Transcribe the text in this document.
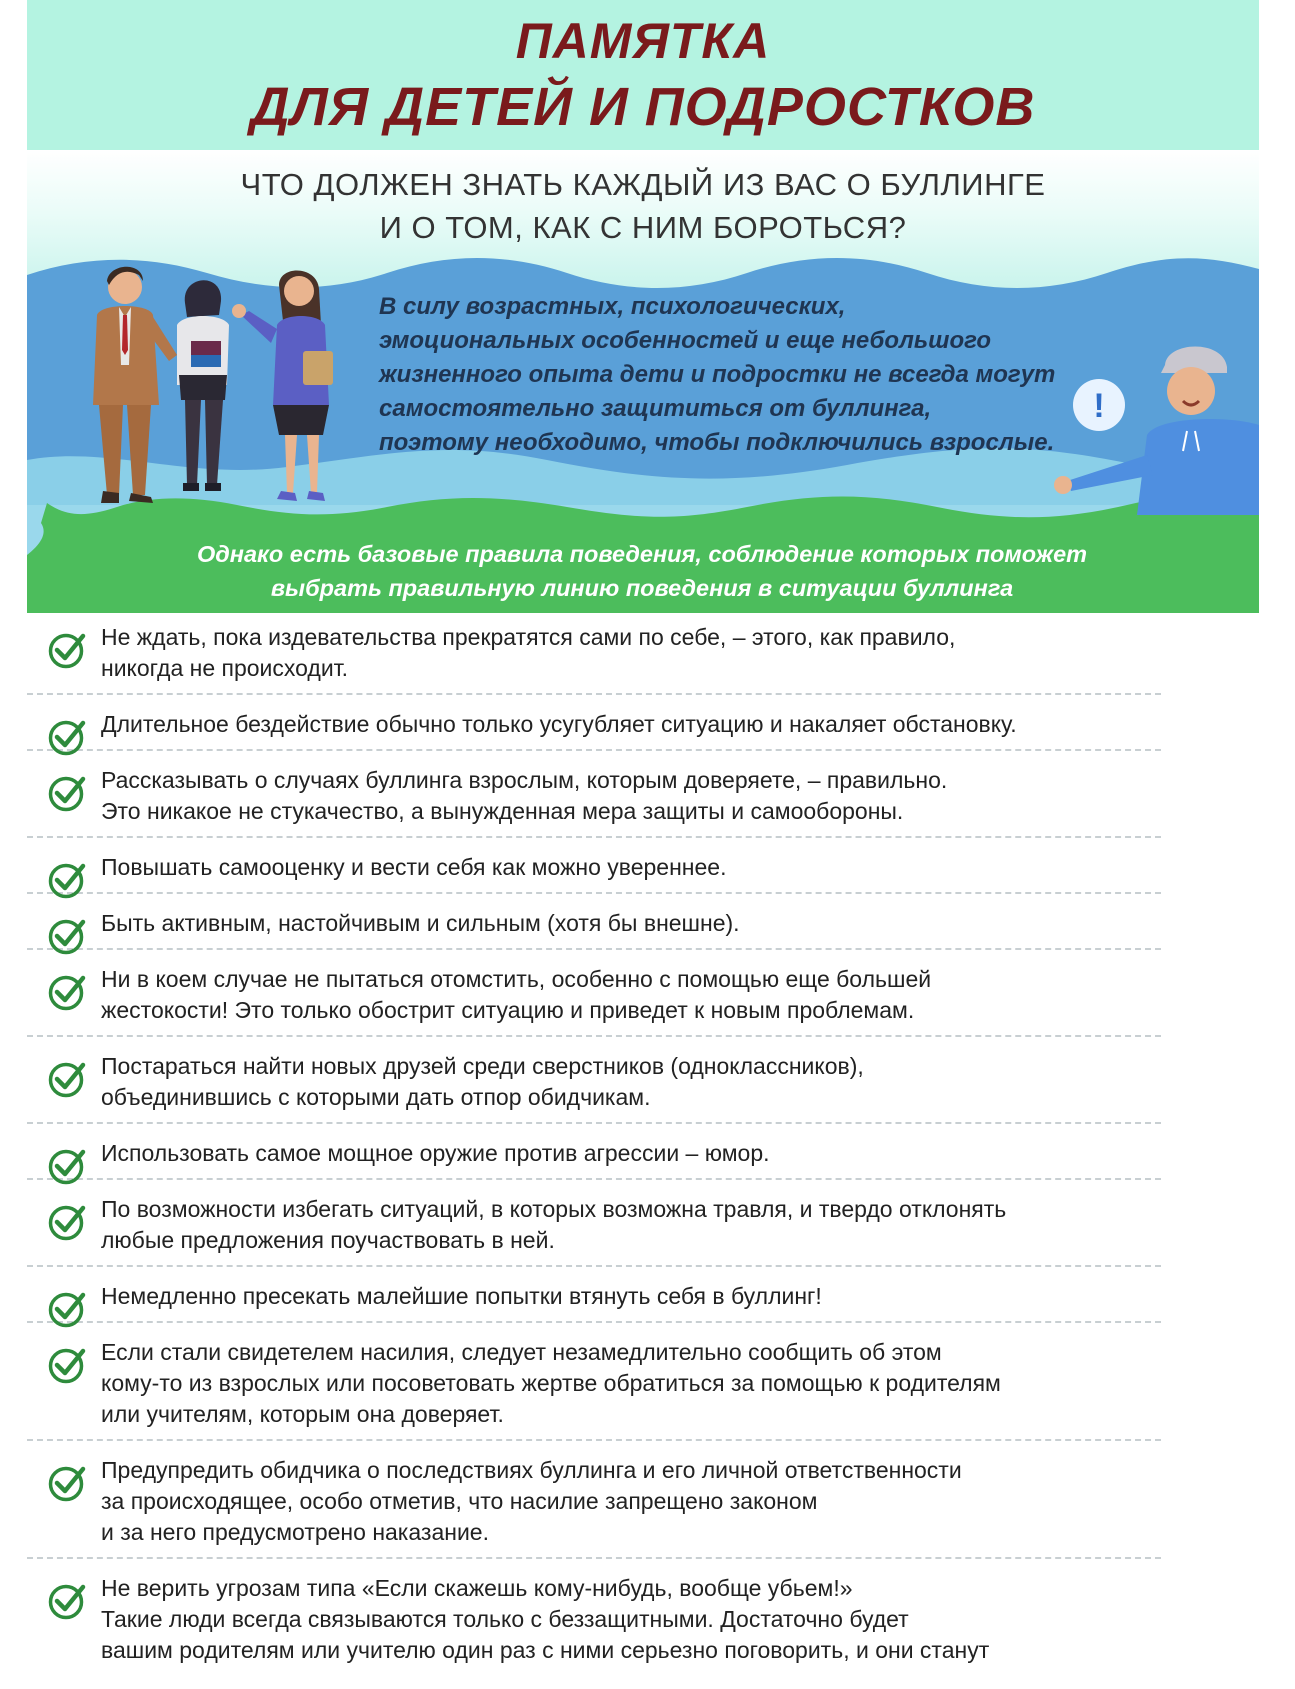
ПАМЯТКА
ДЛЯ ДЕТЕЙ И ПОДРОСТКОВ
ЧТО ДОЛЖЕН ЗНАТЬ КАЖДЫЙ ИЗ ВАС О БУЛЛИНГЕ
И О ТОМ, КАК С НИМ БОРОТЬСЯ?
!
В силу возрастных, психологических,
эмоциональных особенностей и еще небольшого
жизненного опыта дети и подростки не всегда могут
самостоятельно защититься от буллинга,
поэтому необходимо, чтобы подключились взрослые.
Однако есть базовые правила поведения, соблюдение которых поможет
выбрать правильную линию поведения в ситуации буллинга
Не ждать, пока издевательства прекратятся сами по себе, – этого, как правило,
никогда не происходит.
Длительное бездействие обычно только усугубляет ситуацию и накаляет обстановку.
Рассказывать о случаях буллинга взрослым, которым доверяете, – правильно.
Это никакое не стукачество, а вынужденная мера защиты и самообороны.
Повышать самооценку и вести себя как можно увереннее.
Быть активным, настойчивым и сильным (хотя бы внешне).
Ни в коем случае не пытаться отомстить, особенно с помощью еще большей
жестокости! Это только обострит ситуацию и приведет к новым проблемам.
Постараться найти новых друзей среди сверстников (одноклассников),
объединившись с которыми дать отпор обидчикам.
Использовать самое мощное оружие против агрессии – юмор.
По возможности избегать ситуаций, в которых возможна травля, и твердо отклонять
любые предложения поучаствовать в ней.
Немедленно пресекать малейшие попытки втянуть себя в буллинг!
Если стали свидетелем насилия, следует незамедлительно сообщить об этом
кому-то из взрослых или посоветовать жертве обратиться за помощью к родителям
или учителям, которым она доверяет.
Предупредить обидчика о последствиях буллинга и его личной ответственности
за происходящее, особо отметив, что насилие запрещено законом
и за него предусмотрено наказание.
Не верить угрозам типа «Если скажешь кому-нибудь, вообще убьем!»
Такие люди всегда связываются только с беззащитными. Достаточно будет
вашим родителям или учителю один раз с ними серьезно поговорить, и они станут
